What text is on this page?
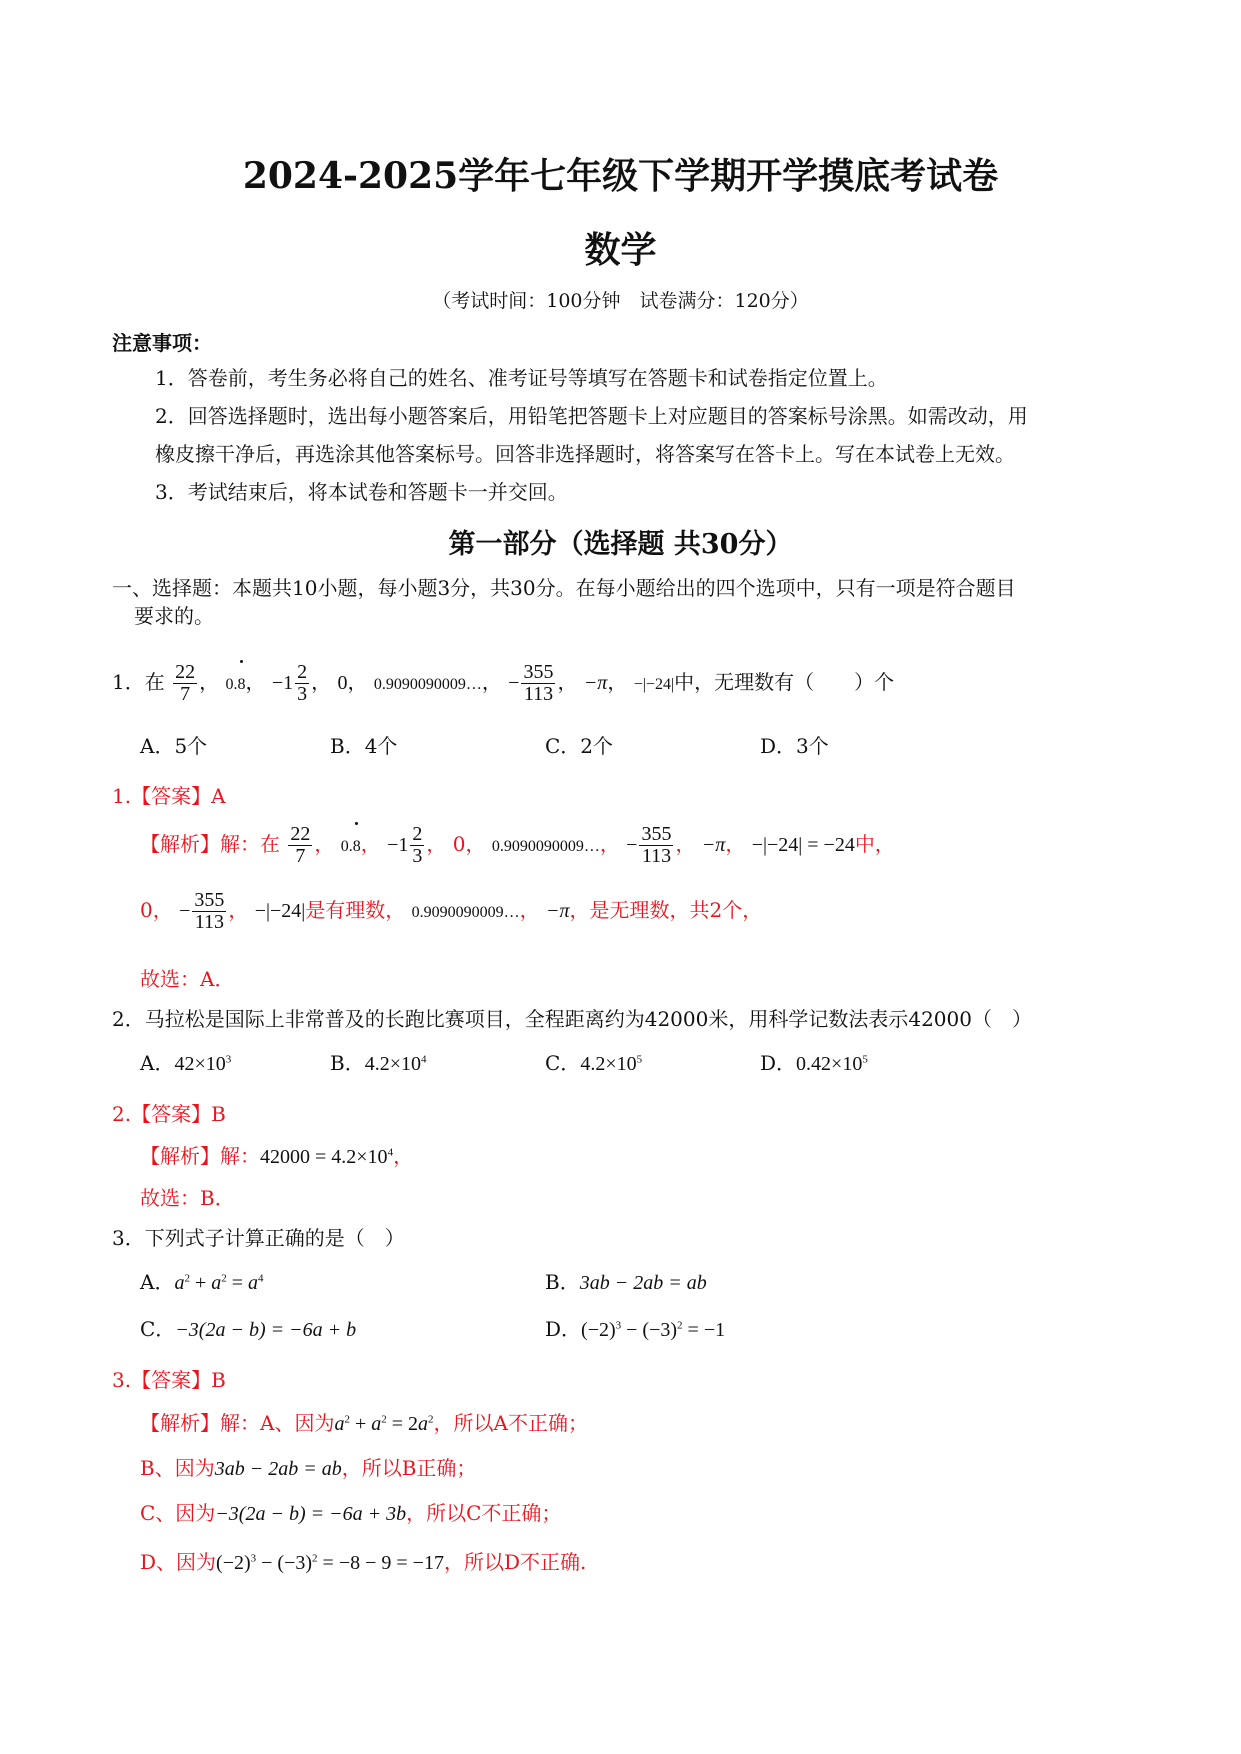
2024-2025学年七年级下学期开学摸底考试卷
数学
（考试时间：100分钟　试卷满分：120分）
注意事项：
1．答卷前，考生务必将自己的姓名、准考证号等填写在答题卡和试卷指定位置上。
2．回答选择题时，选出每小题答案后，用铅笔把答题卡上对应题目的答案标号涂黑。如需改动，用
橡皮擦干净后，再选涂其他答案标号。回答非选择题时，将答案写在答卡上。写在本试卷上无效。
3．考试结束后，将本试卷和答题卡一并交回。
第一部分（选择题 共30分）
一、选择题：本题共10小题，每小题3分，共30分。在每小题给出的四个选项中，只有一项是符合题目
要求的。
1．在 $\frac{22}{7}$ ， 0.8， $-1 \frac{2}{3}$ ， 0， 0.9090090009…， − $\frac{355}{113}$ ， −π， −|−24|中，无理数有（　　）个
A．5个	B．4个	C．2个	D．3个
1.【答案】A
【解析】解：在 $\frac{22}{7}$ ， 0.8， $-1 \frac{2}{3}$ ， 0， 0.9090090009…， − $\frac{355}{113}$ ， −π， −|−24| = −24中，
0， − $\frac{355}{113}$ ， −|−24|是有理数， 0.9090090009…， −π，是无理数，共2个，
故选：A．
2．马拉松是国际上非常普及的长跑比赛项目，全程距离约为42000米，用科学记数法表示42000（　）
A．$42\times 10^3$	B．$4.2\times 10^4$	C．$4.2\times 10^5$	D．$0.42\times 10^5$
2.【答案】B
【解析】解：$42000 = 4.2\times 10^4$，
故选：B．
3．下列式子计算正确的是（　）
A．$a^2 + a^2 = a^4$	B．3ab − 2ab = ab
C．−3(2a − b) = −6a + b	D．$(-2)^3 - (-3)^2 = -1$
3.【答案】B
【解析】解：A、因为$a^2 + a^2 = 2a^2$，所以A不正确；
B、因为3ab − 2ab = ab，所以B正确；
C、因为−3(2a − b) = −6a + 3b，所以C不正确；
D、因为$(-2)^3 - (-3)^2 = -8 - 9 = -17$，所以D不正确.
